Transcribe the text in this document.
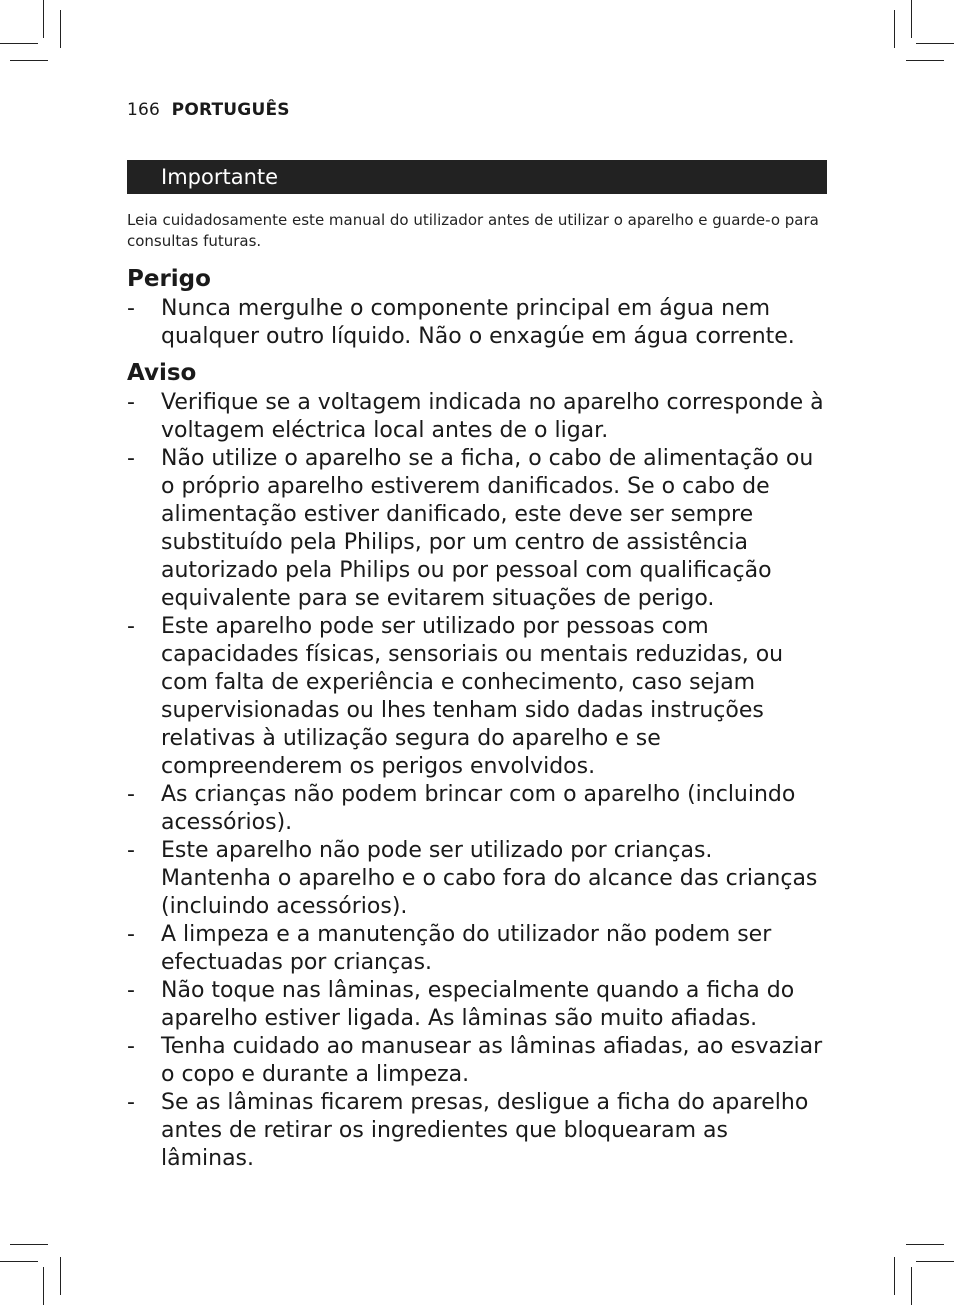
166 PORTUGUÊS
Importante
Leia cuidadosamente este manual do utilizador antes de utilizar o aparelho e guarde-o para consultas futuras.
Perigo
-	Nunca mergulhe o componente principal em água nem qualquer outro líquido. Não o enxagúe em água corrente.
Aviso
-	Verifique se a voltagem indicada no aparelho corresponde à voltagem eléctrica local antes de o ligar.
-	Não utilize o aparelho se a ficha, o cabo de alimentação ou o próprio aparelho estiverem danificados. Se o cabo de alimentação estiver danificado, este deve ser sempre substituído pela Philips, por um centro de assistência autorizado pela Philips ou por pessoal com qualificação equivalente para se evitarem situações de perigo.
-	Este aparelho pode ser utilizado por pessoas com capacidades físicas, sensoriais ou mentais reduzidas, ou com falta de experiência e conhecimento, caso sejam supervisionadas ou lhes tenham sido dadas instruções relativas à utilização segura do aparelho e se compreenderem os perigos envolvidos.
-	As crianças não podem brincar com o aparelho (incluindo acessórios).
-	Este aparelho não pode ser utilizado por crianças. Mantenha o aparelho e o cabo fora do alcance das crianças (incluindo acessórios).
-	A limpeza e a manutenção do utilizador não podem ser efectuadas por crianças.
-	Não toque nas lâminas, especialmente quando a ficha do aparelho estiver ligada. As lâminas são muito afiadas.
-	Tenha cuidado ao manusear as lâminas afiadas, ao esvaziar o copo e durante a limpeza.
-	Se as lâminas ficarem presas, desligue a ficha do aparelho antes de retirar os ingredientes que bloquearam as lâminas.
